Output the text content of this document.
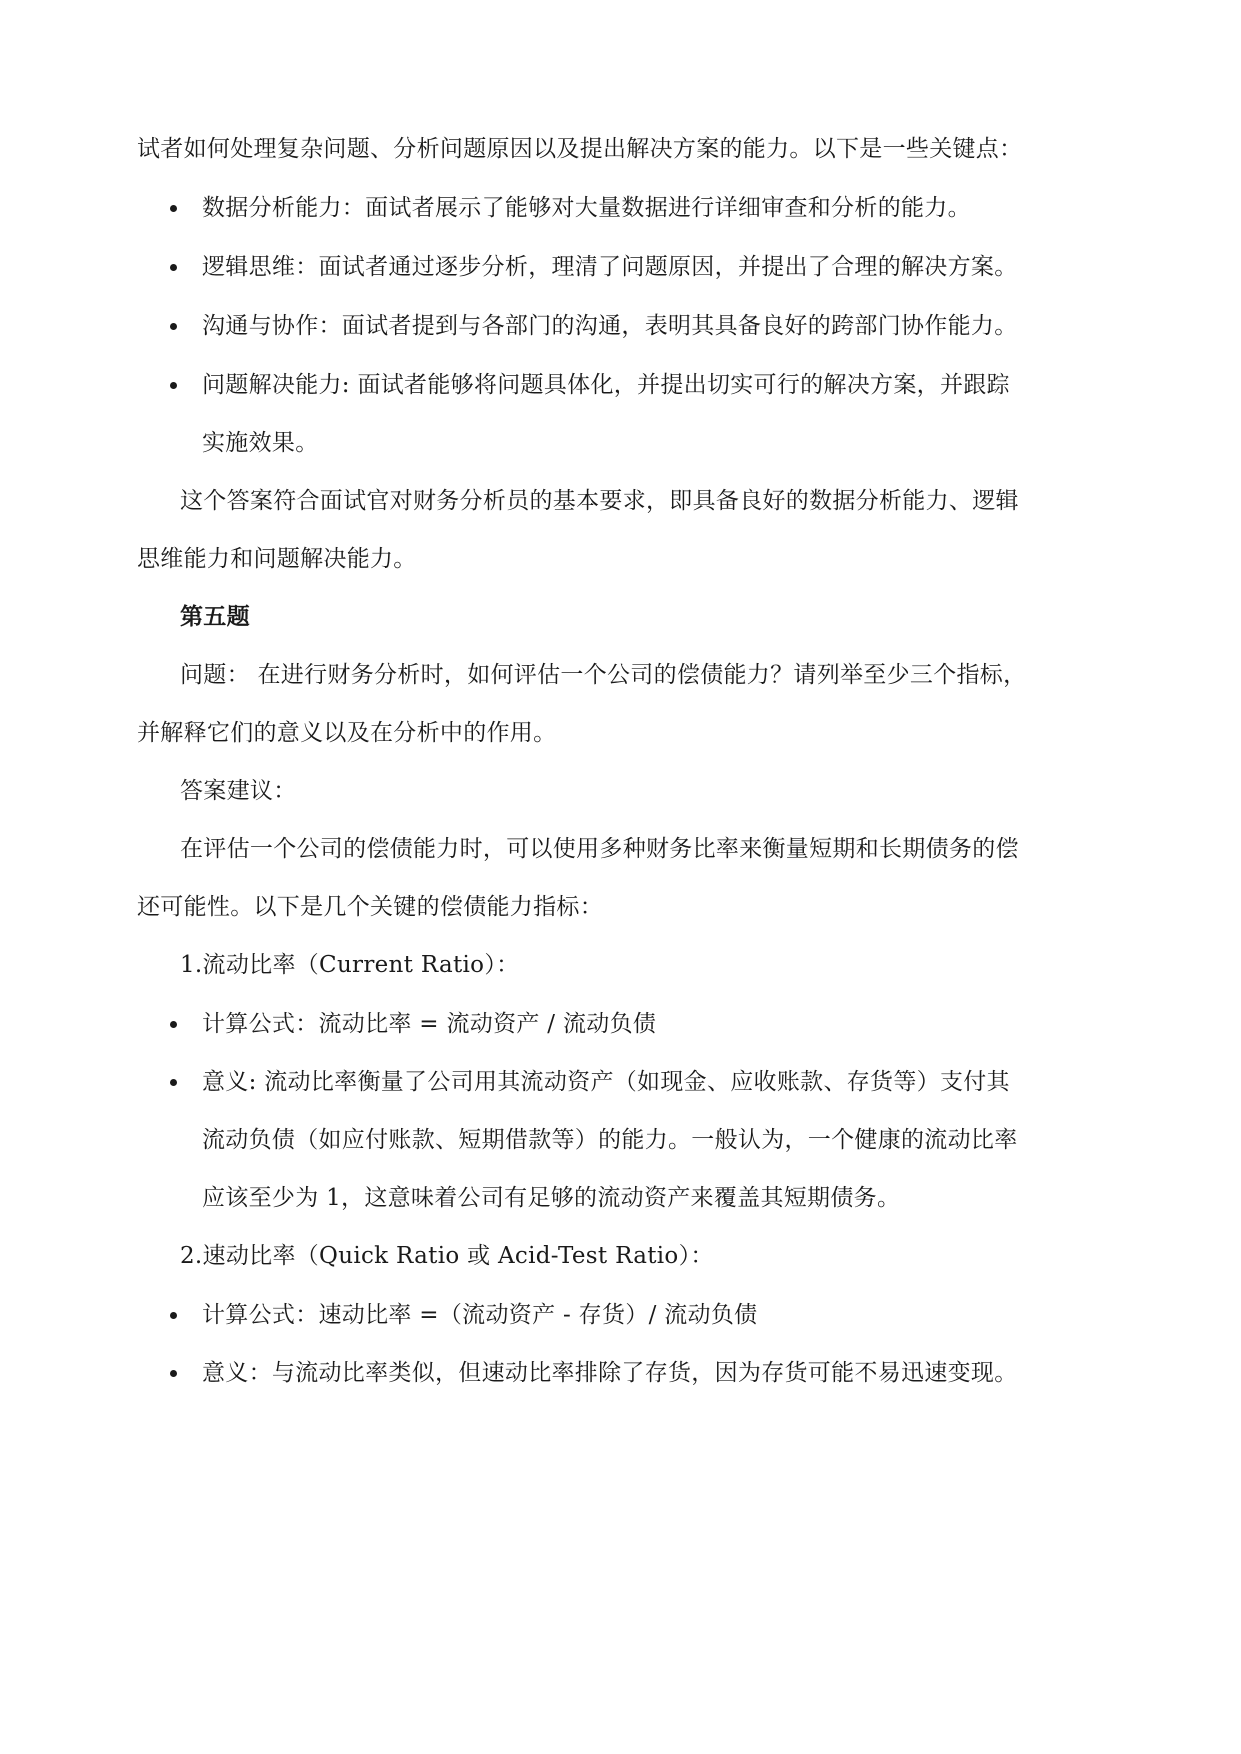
试者如何处理复杂问题、分析问题原因以及提出解决方案的能力。以下是一些关键点：
数据分析能力：面试者展示了能够对大量数据进行详细审查和分析的能力。
逻辑思维：面试者通过逐步分析，理清了问题原因，并提出了合理的解决方案。
沟通与协作：面试者提到与各部门的沟通，表明其具备良好的跨部门协作能力。
问题解决能力: 面试者能够将问题具体化，并提出切实可行的解决方案，并跟踪
实施效果。
这个答案符合面试官对财务分析员的基本要求，即具备良好的数据分析能力、逻辑
思维能力和问题解决能力。
第五题
问题： 在进行财务分析时，如何评估一个公司的偿债能力？请列举至少三个指标，
并解释它们的意义以及在分析中的作用。
答案建议：
在评估一个公司的偿债能力时，可以使用多种财务比率来衡量短期和长期债务的偿
还可能性。以下是几个关键的偿债能力指标：
1.流动比率（Current Ratio）：
计算公式：流动比率 = 流动资产 / 流动负债
意义: 流动比率衡量了公司用其流动资产（如现金、应收账款、存货等）支付其
流动负债（如应付账款、短期借款等）的能力。一般认为，一个健康的流动比率
应该至少为 1，这意味着公司有足够的流动资产来覆盖其短期债务。
2.速动比率（Quick Ratio 或 Acid-Test Ratio）：
计算公式：速动比率 =（流动资产 - 存货）/ 流动负债
意义：与流动比率类似，但速动比率排除了存货，因为存货可能不易迅速变现。
